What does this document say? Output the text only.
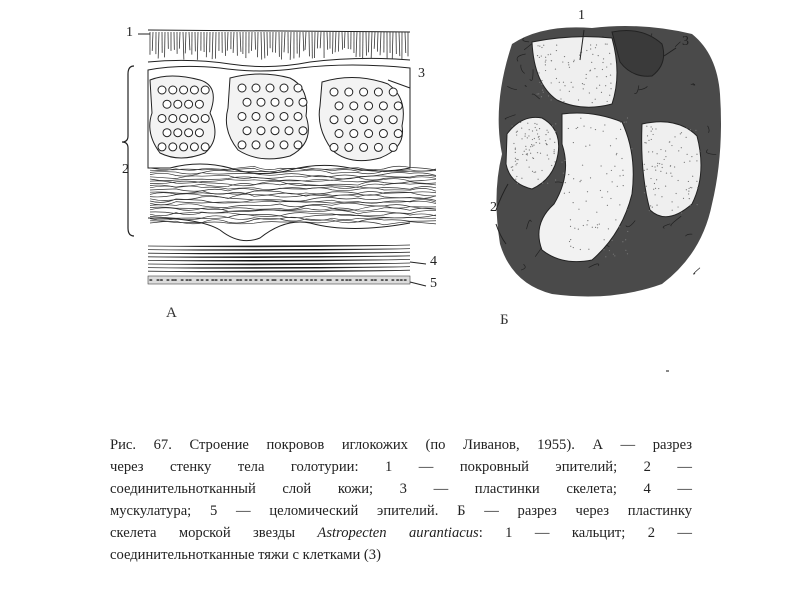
1
2
3
4
5
А
1
2
3
Б
Рис. 67. Строение покровов иглокожих (по Ливанов, 1955). А — разрез
через стенку тела голотурии: 1 — покровный эпителий; 2 —
соединительнотканный слой кожи; 3 — пластинки скелета; 4 —
мускулатура; 5 — целомический эпителий. Б — разрез через пластинку
скелета морской звезды Astropecten aurantiacus: 1 — кальцит; 2 —
соединительнотканные тяжи с клетками (3)
